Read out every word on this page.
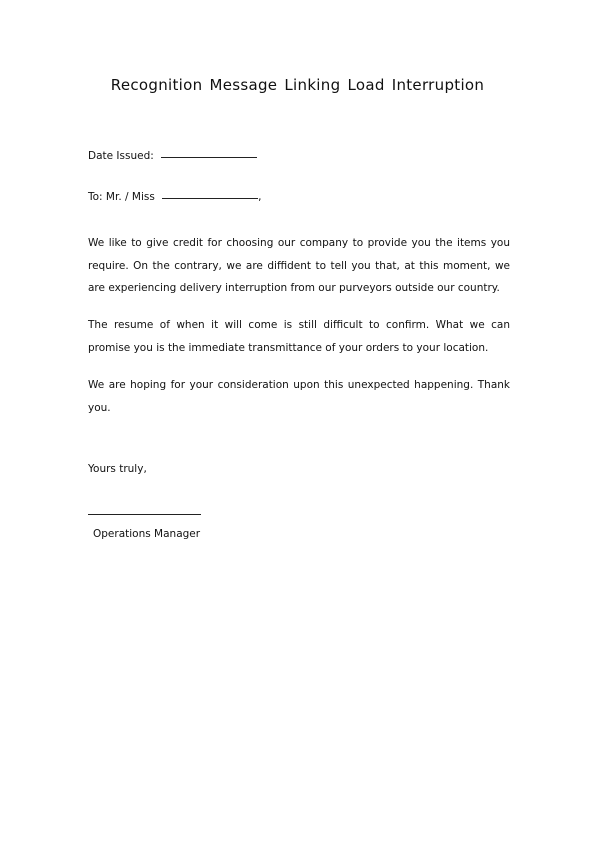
Recognition Message Linking Load Interruption
Date Issued:
To: Mr. / Miss	,
We like to give credit for choosing our company to provide you the items you require. On the contrary, we are diffident to tell you that, at this moment, we are experiencing delivery interruption from our purveyors outside our country.
The resume of when it will come is still difficult to confirm. What we can promise you is the immediate transmittance of your orders to your location.
We are hoping for your consideration upon this unexpected happening. Thank you.
Yours truly,
Operations Manager
